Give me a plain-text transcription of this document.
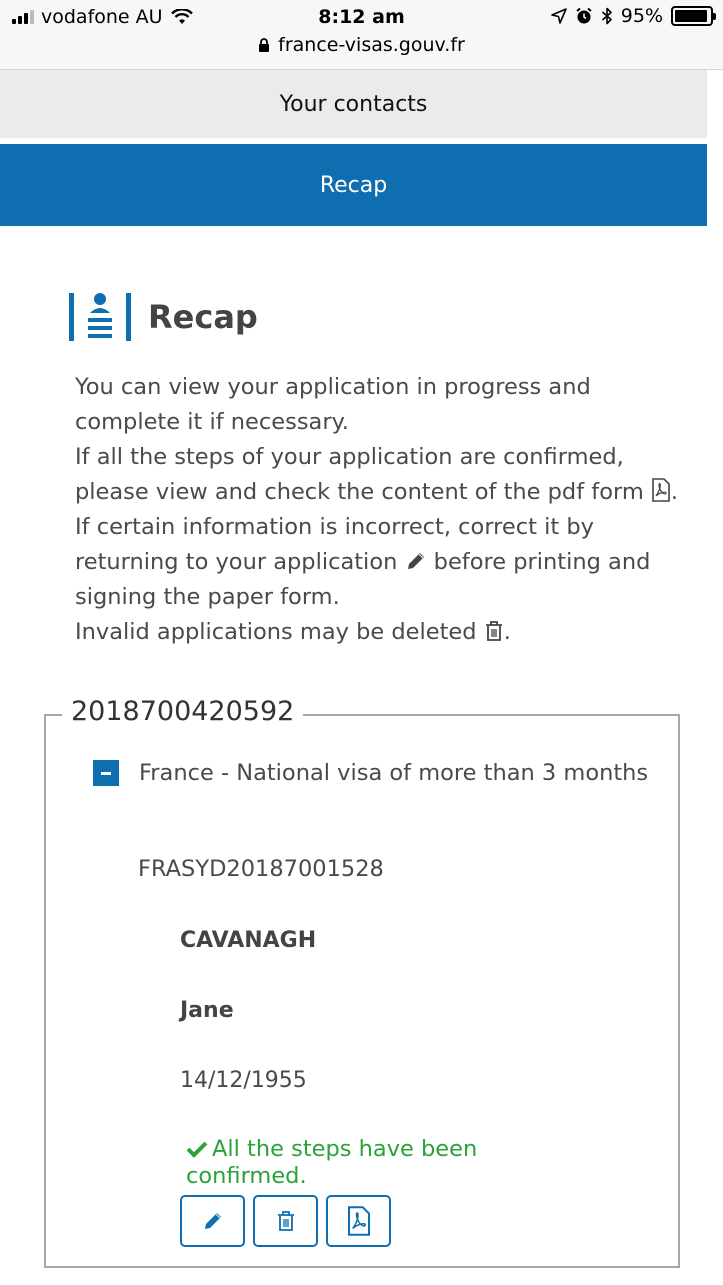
vodafone AU	8:12 am
france-visas.gouv.fr
95%
Your contacts
Recap
Recap

You can view your application in progress and complete it if necessary.

If all the steps of your application are confirmed, please view and check the content of the pdf form .

If certain information is incorrect, correct it by returning to your application before printing and signing the paper form.

Invalid applications may be deleted .

2018700420592
France - National visa of more than 3 months
FRASYD20187001528
CAVANAGH
Jane
14/12/1955
All the steps have been confirmed.
